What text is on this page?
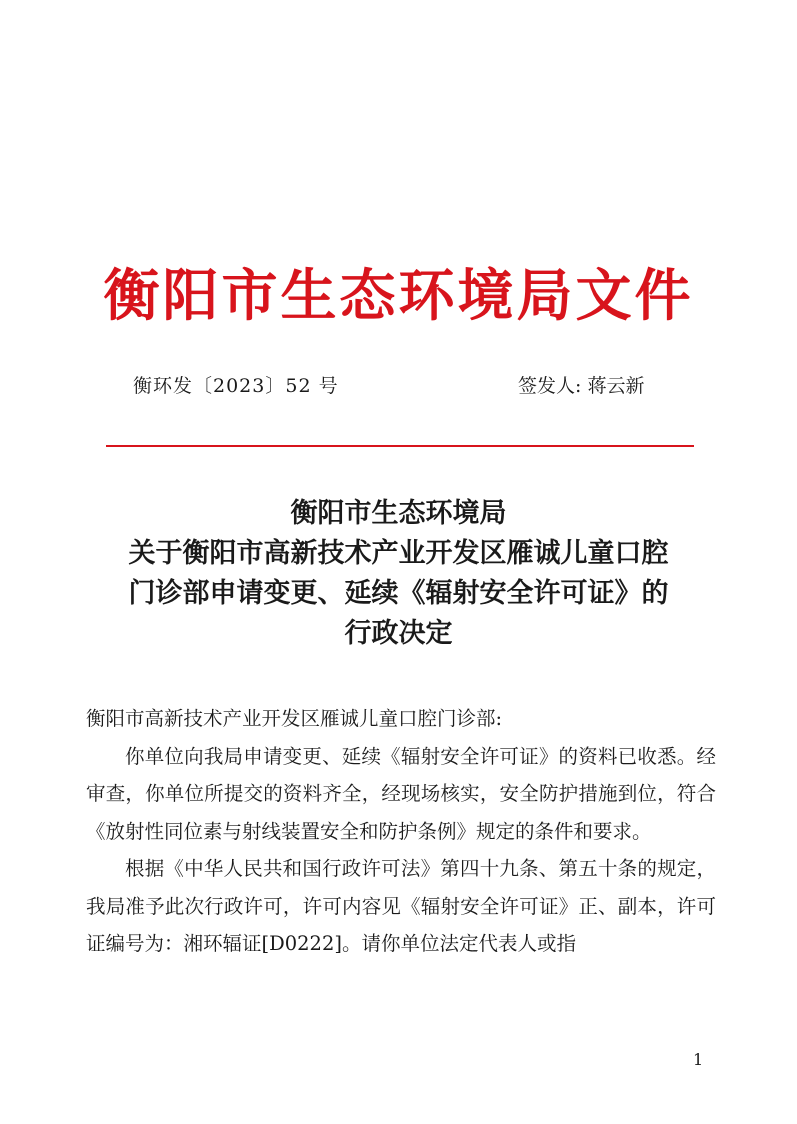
衡阳市生态环境局文件
衡环发〔2023〕52 号	签发人: 蒋云新
衡阳市生态环境局
关于衡阳市高新技术产业开发区雁诚儿童口腔
门诊部申请变更、延续《辐射安全许可证》的
行政决定
衡阳市高新技术产业开发区雁诚儿童口腔门诊部:

你单位向我局申请变更、延续《辐射安全许可证》的资料已收悉。经审查，你单位所提交的资料齐全，经现场核实，安全防护措施到位，符合《放射性同位素与射线装置安全和防护条例》规定的条件和要求。

根据《中华人民共和国行政许可法》第四十九条、第五十条的规定，我局准予此次行政许可，许可内容见《辐射安全许可证》正、副本，许可证编号为：湘环辐证[D0222]。请你单位法定代表人或指

1
